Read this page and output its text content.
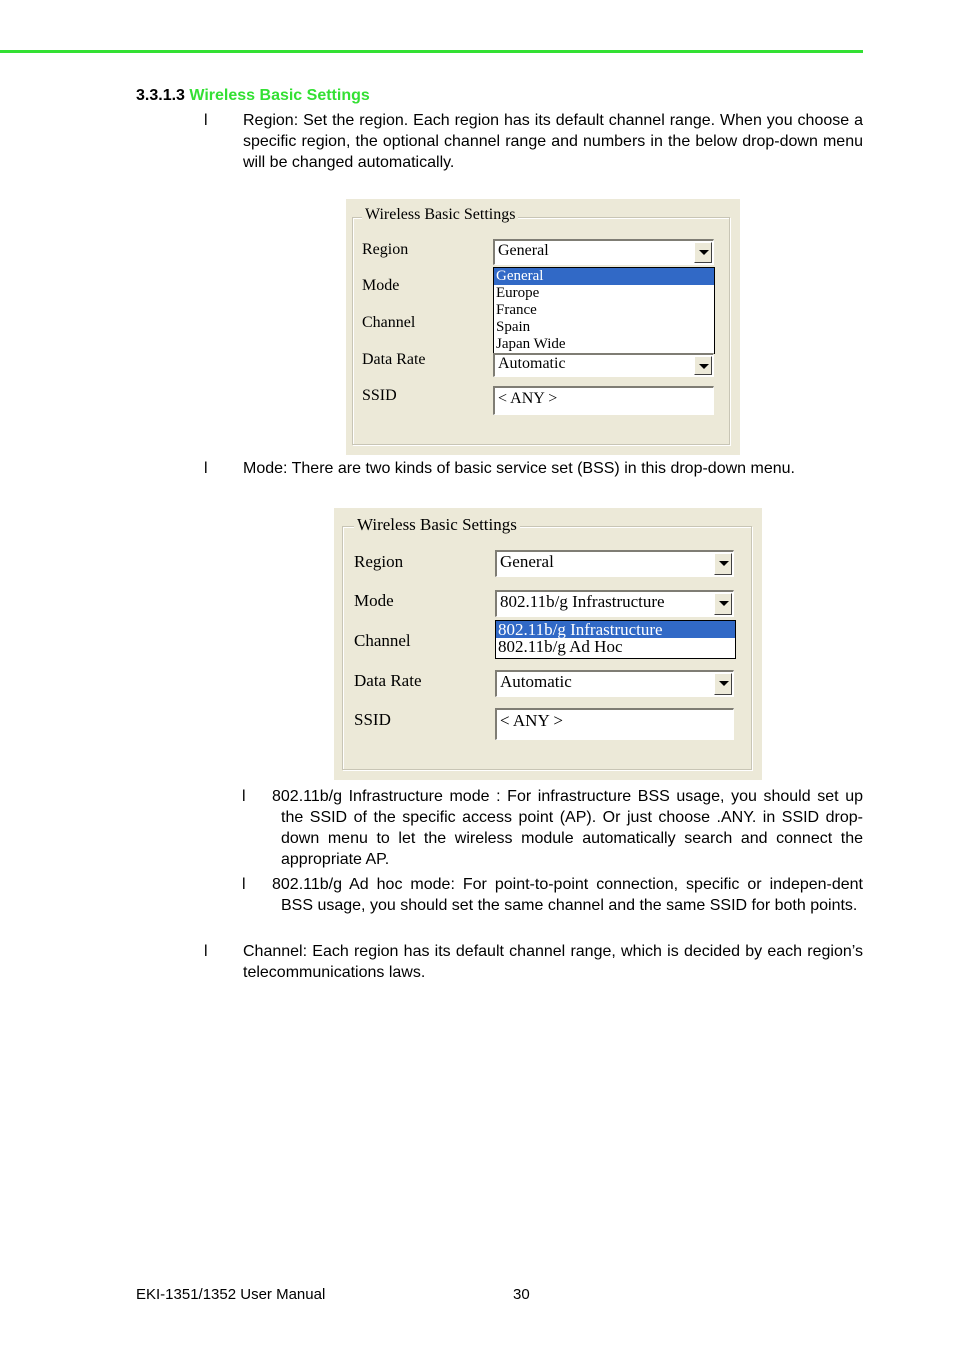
3.3.1.3 Wireless Basic Settings
l Region: Set the region. Each region has its default channel range. When you choose a specific region, the optional channel range and numbers in the below drop-down menu will be changed automatically.
Wireless Basic Settings
Region
Mode
Channel
Data Rate
SSID
General
General
Europe
France
Spain
Japan Wide
Automatic
< ANY >
l Mode: There are two kinds of basic service set (BSS) in this drop-down menu.
Wireless Basic Settings
Region
Mode
Channel
Data Rate
SSID
General
802.11b/g Infrastructure
802.11b/g Infrastructure
802.11b/g Ad Hoc
Automatic
< ANY >
l 802.11b/g Infrastructure mode : For infrastructure BSS usage, you should set up the SSID of the specific access point (AP). Or just choose .ANY. in SSID drop-down menu to let the wireless module automatically search and connect the appropriate AP.
l 802.11b/g Ad hoc mode: For point-to-point connection, specific or indepen-dent BSS usage, you should set the same channel and the same SSID for both points.
l Channel: Each region has its default channel range, which is decided by each region’s telecommunications laws.
EKI-1351/1352 User Manual	30
